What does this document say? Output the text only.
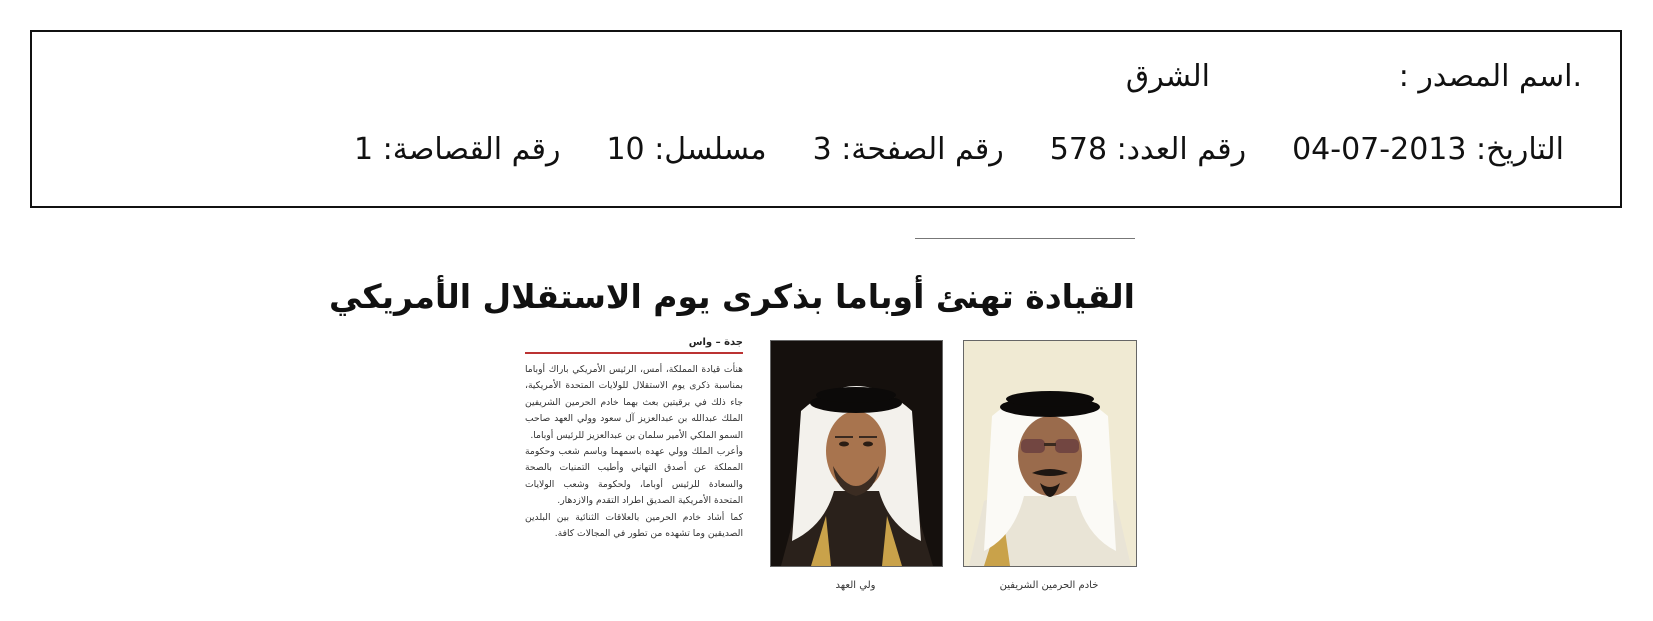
.اسم المصدر :
الشرق
التاريخ: 2013-07-04
رقم العدد: 578
رقم الصفحة: 3
مسلسل: 10
رقم القصاصة: 1
القيادة تهنئ أوباما بذكرى يوم الاستقلال الأمريكي
جدة – واس

هنأت قيادة المملكة، أمس، الرئيس الأمريكي باراك أوباما بمناسبة ذكرى يوم الاستقلال للولايات المتحدة الأمريكية، جاء ذلك في برقيتين بعث بهما خادم الحرمين الشريفين الملك عبدالله بن عبدالعزيز آل سعود وولي العهد صاحب السمو الملكي الأمير سلمان بن عبدالعزيز للرئيس أوباما.

وأعرب الملك وولي عهده باسمهما وباسم شعب وحكومة المملكة عن أصدق التهاني وأطيب التمنيات بالصحة والسعادة للرئيس أوباما، ولحكومة وشعب الولايات المتحدة الأمريكية الصديق اطراد التقدم والازدهار.

كما أشاد خادم الحرمين بالعلاقات الثنائية بين البلدين الصديقين وما تشهده من تطور في المجالات كافة.

ولي العهد	خادم الحرمين الشريفين
